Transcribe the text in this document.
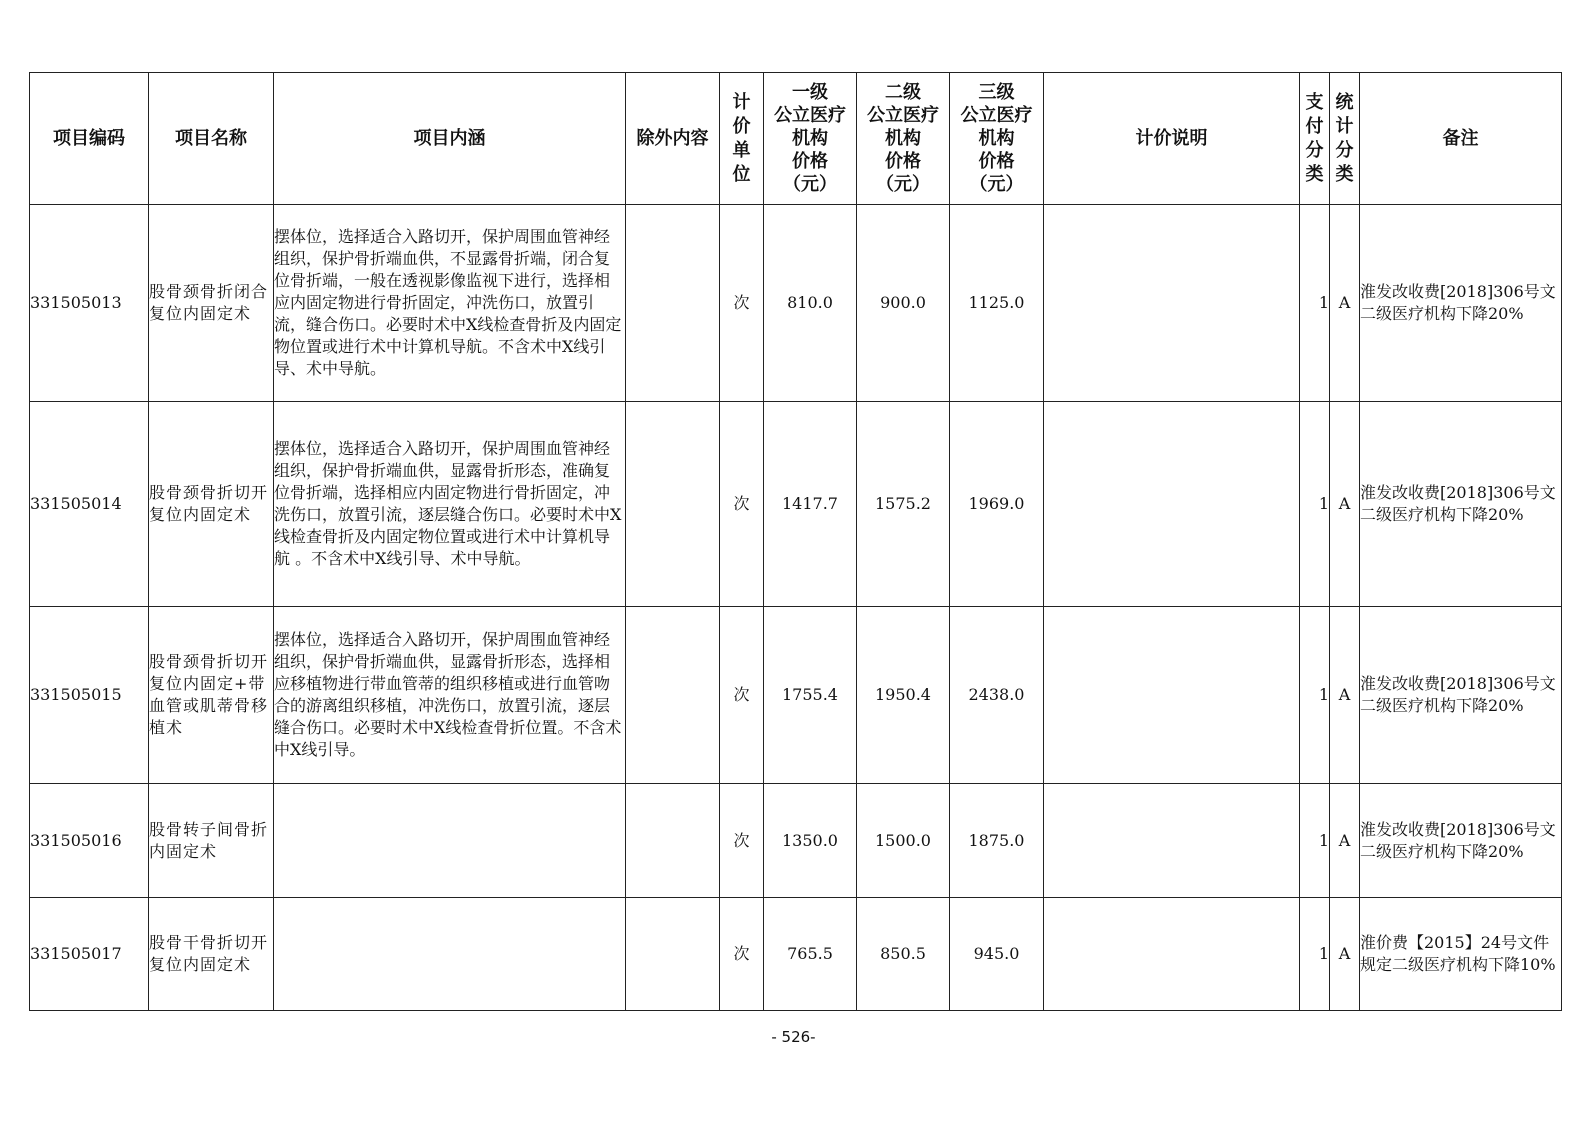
项目编码	项目名称	项目内涵	除外内容	计价单位	一级
公立医疗
机构
价格
（元）	二级
公立医疗
机构
价格
（元）	三级
公立医疗
机构
价格
（元）	计价说明	支付分类	统计分类	备注
331505013	股骨颈骨折闭合复位内固定术	摆体位，选择适合入路切开，保护周围血管神经组织，保护骨折端血供，不显露骨折端，闭合复位骨折端，一般在透视影像监视下进行，选择相应内固定物进行骨折固定，冲洗伤口，放置引流，缝合伤口。必要时术中X线检查骨折及内固定物位置或进行术中计算机导航。不含术中X线引导、术中导航。		次	810.0	900.0	1125.0		1	A	淮发改收费[2018]306号文二级医疗机构下降20%
331505014	股骨颈骨折切开复位内固定术	摆体位，选择适合入路切开，保护周围血管神经组织，保护骨折端血供，显露骨折形态，准确复位骨折端，选择相应内固定物进行骨折固定，冲洗伤口，放置引流，逐层缝合伤口。必要时术中X线检查骨折及内固定物位置或进行术中计算机导航 。不含术中X线引导、术中导航。		次	1417.7	1575.2	1969.0		1	A	淮发改收费[2018]306号文二级医疗机构下降20%
331505015	股骨颈骨折切开复位内固定+带血管或肌蒂骨移植术	摆体位，选择适合入路切开，保护周围血管神经组织，保护骨折端血供，显露骨折形态，选择相应移植物进行带血管蒂的组织移植或进行血管吻合的游离组织移植，冲洗伤口，放置引流，逐层缝合伤口。必要时术中X线检查骨折位置。不含术中X线引导。		次	1755.4	1950.4	2438.0		1	A	淮发改收费[2018]306号文二级医疗机构下降20%
331505016	股骨转子间骨折内固定术			次	1350.0	1500.0	1875.0		1	A	淮发改收费[2018]306号文二级医疗机构下降20%
331505017	股骨干骨折切开复位内固定术			次	765.5	850.5	945.0		1	A	淮价费【2015】24号文件规定二级医疗机构下降10%
- 526-
